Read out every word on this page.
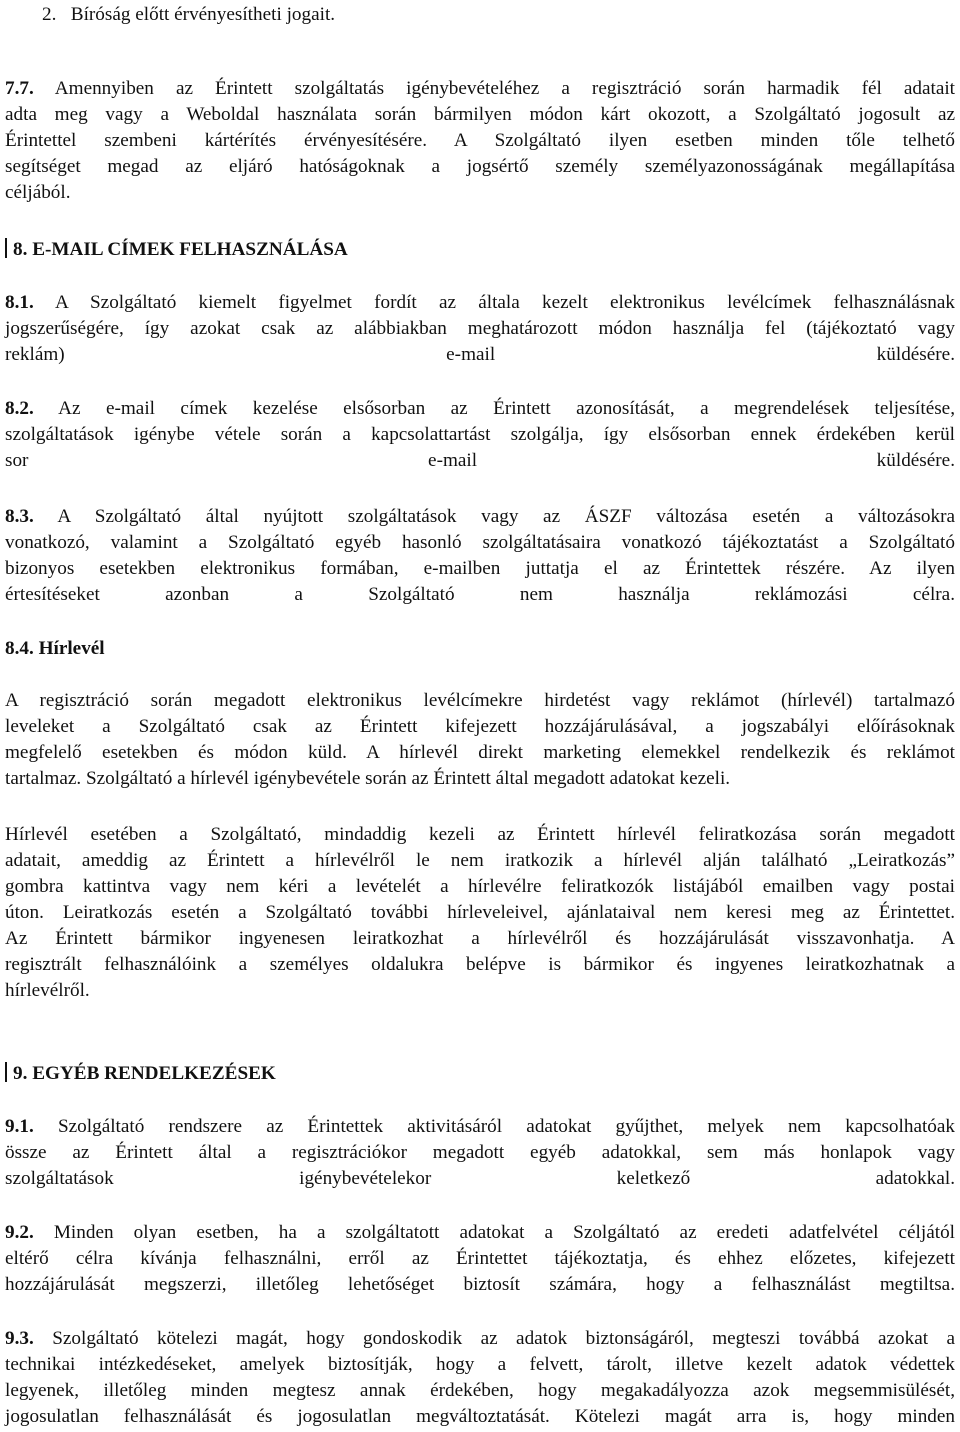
2. Bíróság előtt érvényesítheti jogait.
7.7. Amennyiben az Érintett szolgáltatás igénybevételéhez a regisztráció során harmadik fél adatait
adta meg vagy a Weboldal használata során bármilyen módon kárt okozott, a Szolgáltató jogosult az
Érintettel szembeni kártérítés érvényesítésére. A Szolgáltató ilyen esetben minden tőle telhető
segítséget megad az eljáró hatóságoknak a jogsértő személy személyazonosságának megállapítása
céljából.
8. E-MAIL CÍMEK FELHASZNÁLÁSA
8.1. A Szolgáltató kiemelt figyelmet fordít az általa kezelt elektronikus levélcímek felhasználásnak
jogszerűségére, így azokat csak az alábbiakban meghatározott módon használja fel (tájékoztató vagy
reklám) e-mail küldésére.
8.2. Az e-mail címek kezelése elsősorban az Érintett azonosítását, a megrendelések teljesítése,
szolgáltatások igénybe vétele során a kapcsolattartást szolgálja, így elsősorban ennek érdekében kerül
sor e-mail küldésére.
8.3. A Szolgáltató által nyújtott szolgáltatások vagy az ÁSZF változása esetén a változásokra
vonatkozó, valamint a Szolgáltató egyéb hasonló szolgáltatásaira vonatkozó tájékoztatást a Szolgáltató
bizonyos esetekben elektronikus formában, e-mailben juttatja el az Érintettek részére. Az ilyen
értesítéseket azonban a Szolgáltató nem használja reklámozási célra.
8.4. Hírlevél
A regisztráció során megadott elektronikus levélcímekre hirdetést vagy reklámot (hírlevél) tartalmazó
leveleket a Szolgáltató csak az Érintett kifejezett hozzájárulásával, a jogszabályi előírásoknak
megfelelő esetekben és módon küld. A hírlevél direkt marketing elemekkel rendelkezik és reklámot
tartalmaz. Szolgáltató a hírlevél igénybevétele során az Érintett által megadott adatokat kezeli.
Hírlevél esetében a Szolgáltató, mindaddig kezeli az Érintett hírlevél feliratkozása során megadott
adatait, ameddig az Érintett a hírlevélről le nem iratkozik a hírlevél alján található „Leiratkozás”
gombra kattintva vagy nem kéri a levételét a hírlevélre feliratkozók listájából emailben vagy postai
úton. Leiratkozás esetén a Szolgáltató további hírleveleivel, ajánlataival nem keresi meg az Érintettet.
Az Érintett bármikor ingyenesen leiratkozhat a hírlevélről és hozzájárulását visszavonhatja. A
regisztrált felhasználóink a személyes oldalukra belépve is bármikor és ingyenes leiratkozhatnak a
hírlevélről.
9. EGYÉB RENDELKEZÉSEK
9.1. Szolgáltató rendszere az Érintettek aktivitásáról adatokat gyűjthet, melyek nem kapcsolhatóak
össze az Érintett által a regisztrációkor megadott egyéb adatokkal, sem más honlapok vagy
szolgáltatások igénybevételekor keletkező adatokkal.
9.2. Minden olyan esetben, ha a szolgáltatott adatokat a Szolgáltató az eredeti adatfelvétel céljától
eltérő célra kívánja felhasználni, erről az Érintettet tájékoztatja, és ehhez előzetes, kifejezett
hozzájárulását megszerzi, illetőleg lehetőséget biztosít számára, hogy a felhasználást megtiltsa.
9.3. Szolgáltató kötelezi magát, hogy gondoskodik az adatok biztonságáról, megteszi továbbá azokat a
technikai intézkedéseket, amelyek biztosítják, hogy a felvett, tárolt, illetve kezelt adatok védettek
legyenek, illetőleg minden megtesz annak érdekében, hogy megakadályozza azok megsemmisülését,
jogosulatlan felhasználását és jogosulatlan megváltoztatását. Kötelezi magát arra is, hogy minden
